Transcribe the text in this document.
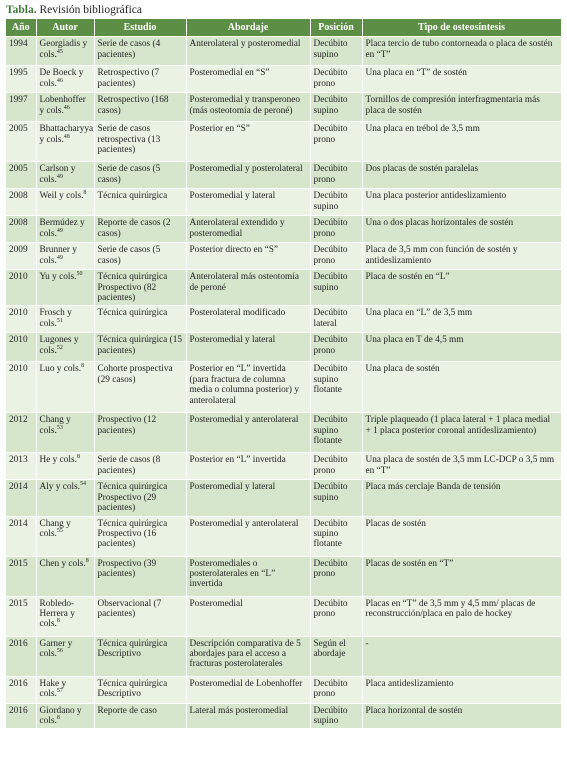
Tabla. Revisión bibliográfica
Año	Autor	Estudio	Abordaje	Posición	Tipo de osteosíntesis
1994	Georgiadis y cols.$^{45}$	Serie de casos (4 pacientes)	Anterolateral y posteromedial	Decúbito supino	Placa tercio de tubo contorneada o placa de sostén en “T”
1995	De Boeck y cols.$^{46}$	Retrospectivo (7 pacientes)	Posteromedial en “S”	Decúbito prono	Una placa en “T” de sostén
1997	Lobenhoffer y cols.$^{46}$	Retrospectivo (168 casos)	Posteromedial y transperoneo (más osteotomía de peroné)	Decúbito supino	Tornillos de compresión interfragmentaria más placa de sostén
2005	Bhattacharyya y cols.$^{48}$	Serie de casos retrospectiva (13 pacientes)	Posterior en “S”	Decúbito prono	Una placa en trébol de 3,5 mm
2005	Carlson y cols.$^{49}$	Serie de casos (5 casos)	Posteromedial y posterolateral	Decúbito prono	Dos placas de sostén paralelas
2008	Weil y cols.$^8$	Técnica quirúrgica	Posteromedial y lateral	Decúbito supino	Una placa posterior antideslizamiento
2008	Bermúdez y cols.$^{49}$	Reporte de casos (2 casos)	Anterolateral extendido y posteromedial	Decúbito prono	Una o dos placas horizontales de sostén
2009	Brunner y cols.$^{49}$	Serie de casos (5 casos)	Posterior directo en “S”	Decúbito prono	Placa de 3,5 mm con función de sostén y antideslizamiento
2010	Yu y cols.$^{50}$	Técnica quirúrgica Prospectivo (82 pacientes)	Anterolateral más osteotomía de peroné	Decúbito supino	Placa de sostén en “L”
2010	Frosch y cols.$^{51}$	Técnica quirúrgica	Posterolateral modificado	Decúbito lateral	Una placa en “L” de 3,5 mm
2010	Lugones y cols.$^{52}$	Técnica quirúrgica (15 pacientes)	Posteromedial y lateral	Decúbito prono	Una placa en T de 4,5 mm
2010	Luo y cols.$^8$	Cohorte prospectiva (29 casos)	Posterior en “L” invertida (para fractura de columna media o columna posterior) y anterolateral	Decúbito supino flotante	Una placa de sostén
2012	Chang y cols.$^{53}$	Prospectivo (12 pacientes)	Posteromedial y anterolateral	Decúbito supino flotante	Triple plaqueado (1 placa lateral + 1 placa medial + 1 placa posterior coronal antideslizamiento)
2013	He y cols.$^8$	Serie de casos (8 pacientes)	Posterior en “L” invertida	Decúbito prono	Una placa de sostén de 3,5 mm LC-DCP o 3,5 mm en “T”
2014	Aly y cols.$^{54}$	Técnica quirúrgica Prospectivo (29 pacientes)	Posteromedial y lateral	Decúbito supino	Placa más cerclaje Banda de tensión
2014	Chang y cols.$^{55}$	Técnica quirúrgica Prospectivo (16 pacientes)	Posteromedial y anterolateral	Decúbito supino flotante	Placas de sostén
2015	Chen y cols.$^8$	Prospectivo (39 pacientes)	Posteromediales o posterolaterales en “L” invertida	Decúbito prono	Placas de sostén en “T”
2015	Robledo-Herrera y cols.$^8$	Observacional (7 pacientes)	Posteromedial	Decúbito prono	Placas en “T” de 3,5 mm y 4,5 mm/ placas de reconstrucción/placa en palo de hockey
2016	Garner y cols.$^{56}$	Técnica quirúrgica Descriptivo	Descripción comparativa de 5 abordajes para el acceso a fracturas posterolaterales	Según el abordaje	-
2016	Hake y cols.$^{57}$	Técnica quirúrgica Descriptivo	Posteromedial de Lobenhoffer	Decúbito prono	Placa antideslizamiento
2016	Giordano y cols.$^8$	Reporte de caso	Lateral más posteromedial	Decúbito supino	Placa horizontal de sostén
